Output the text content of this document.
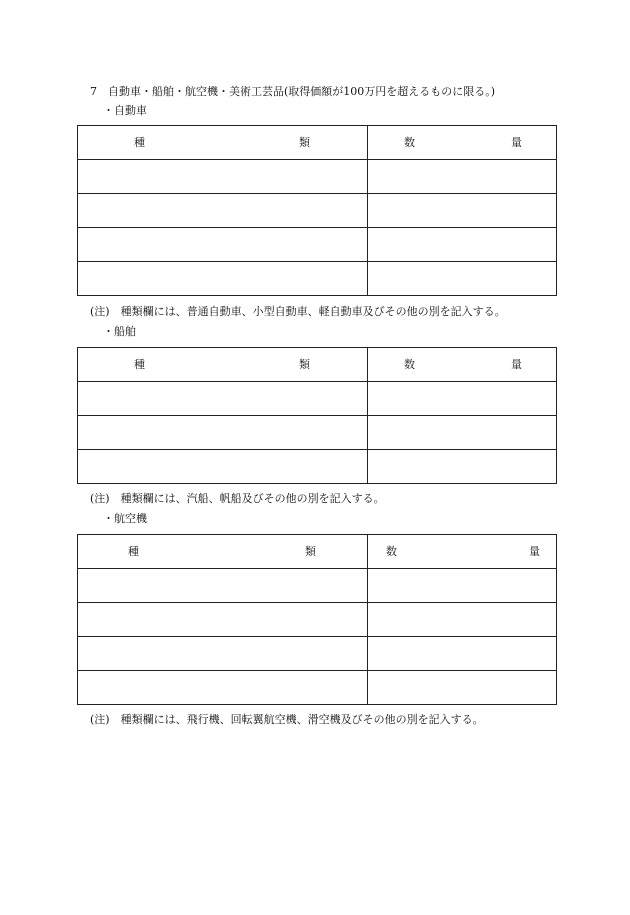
7　自動車・船舶・航空機・美術工芸品(取得価額が100万円を超えるものに限る。)
・自動車
種 類	数 量

(注)　種類欄には、普通自動車、小型自動車、軽自動車及びその他の別を記入する。
・船舶
種 類	数 量

(注)　種類欄には、汽船、帆船及びその他の別を記入する。
・航空機
種 類	数 量

(注)　種類欄には、飛行機、回転翼航空機、滑空機及びその他の別を記入する。
